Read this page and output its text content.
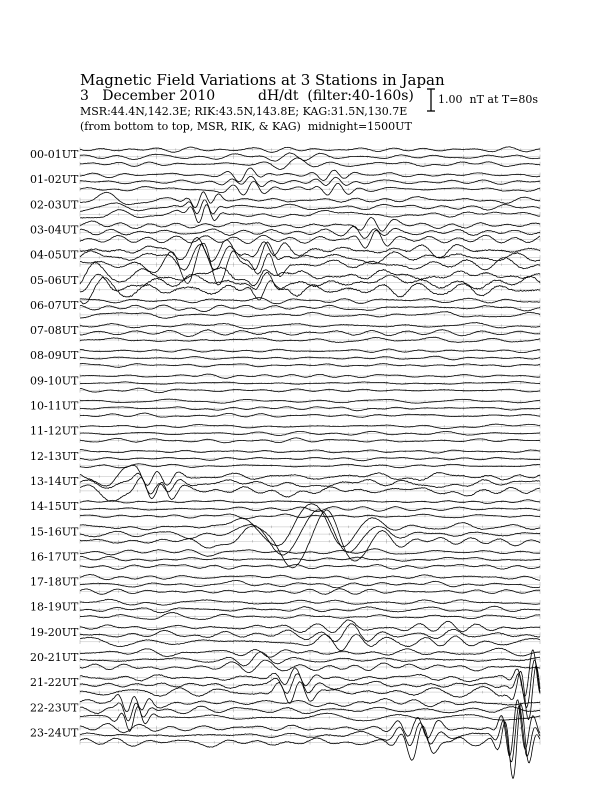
Magnetic Field Variations at 3 Stations in Japan
3   December 2010	dH/dt  (filter:40-160s)
MSR:44.4N,142.3E; RIK:43.5N,143.8E; KAG:31.5N,130.7E
(from bottom to top, MSR, RIK, & KAG)  midnight=1500UT
1.00  nT at T=80s
00-01UT
01-02UT
02-03UT
03-04UT
04-05UT
05-06UT
06-07UT
07-08UT
08-09UT
09-10UT
10-11UT
11-12UT
12-13UT
13-14UT
14-15UT
15-16UT
16-17UT
17-18UT
18-19UT
19-20UT
20-21UT
21-22UT
22-23UT
23-24UT
